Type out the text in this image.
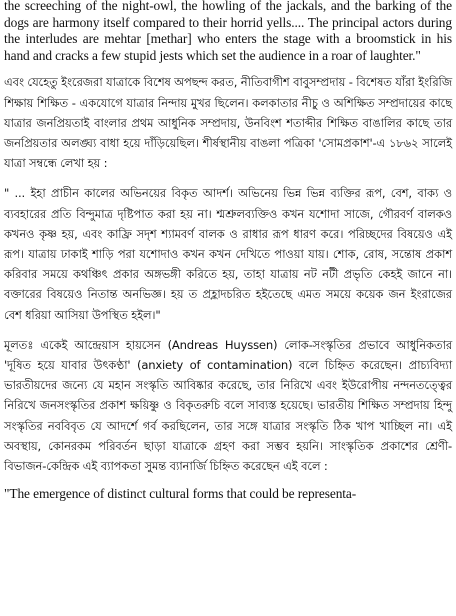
the screeching of the night-owl, the howling of the jackals, and the barking of the dogs are harmony itself compared to their horrid yells.... The principal actors during the interludes are mehtar [methar] who enters the stage with a broomstick in his hand and cracks a few stupid jests which set the audience in a roar of laughter."

এবং যেহেতু ইংরেজরা যাত্রাকে বিশেষ অপছন্দ করত, নীতিবাগীশ বাবুসম্প্রদায় - বিশেষত যাঁরা ইংরিজি শিক্ষায় শিক্ষিত - একযোগে যাত্রার নিন্দায় মুখর ছিলেন। কলকাতার নীচু ও অশিক্ষিত সম্প্রদায়ের কাছে যাত্রার জনপ্রিয়তাই বাংলার প্রথম আধুনিক সম্প্রদায়, উনবিংশ শতাব্দীর শিক্ষিত বাঙালির কাছে তার জনপ্রিয়তার অলঙ্ঘ্য বাধা হয়ে দাঁড়িয়েছিল। শীর্ষস্থানীয় বাঙলা পত্রিকা 'সোমপ্রকাশ'-এ ১৮৬২ সালেই যাত্রা সম্বন্ধে লেখা হয় :

" ... ইহা প্রাচীন কালের অভিনয়ের বিকৃত আদর্শ। অভিনেয় ভিন্ন ভিন্ন ব্যক্তির রূপ, বেশ, বাক্য ও ব্যবহারের প্রতি বিন্দুমাত্র দৃষ্টিপাত করা হয় না। শ্মশ্রুলব্যক্তিও কখন যশোদা সাজে, গৌরবর্ণ বালকও কখনও কৃষ্ণ হয়, এবং কাফ্রি সদৃশ শ্যামবর্ণ বালক ও রাধার রূপ ধারণ করে। পরিচ্ছদের বিষয়েও এই রূপ। যাত্রায় ঢাকাই শাড়ি পরা যশোদাও কখন কখন দেখিতে পাওয়া যায়। শোক, রোষ, সন্তোষ প্রকাশ করিবার সময়ে কথঞ্চিৎ প্রকার অঙ্গভঙ্গী করিতে হয়, তাহা যাত্রায় নট নটী প্রভৃতি কেহই জানে না। বক্তারের বিষয়েও নিতান্ত অনভিজ্ঞ। হয় ত প্রহ্লাদচরিত হইতেছে এমত সময়ে কয়েক জন ইংরাজের বেশ ধরিয়া আসিয়া উপস্থিত হইল।"

মূলতঃ একেই আন্দ্রেয়াস হায়সেন (Andreas Huyssen) লোক-সংস্কৃতির প্রভাবে আধুনিকতার 'দূষিত হয়ে যাবার উৎকণ্ঠা' (anxiety of contamination) বলে চিহ্নিত করেছেন। প্রাচ্যবিদ্যা ভারতীয়দের জন্যে যে মহান সংস্কৃতি আবিষ্কার করেছে, তার নিরিখে এবং ইউরোপীয় নন্দনতত্ত্বের নিরিখে জনসংস্কৃতির প্রকাশ ক্ষয়িষ্ণু ও বিকৃতরুচি বলে সাব্যস্ত হয়েছে। ভারতীয় শিক্ষিত সম্প্রদায় হিন্দু সংস্কৃতির নববিবৃত যে আদর্শে গর্ব করছিলেন, তার সঙ্গে যাত্রার সংস্কৃতি ঠিক খাপ খাচ্ছিল না। এই অবস্থায়, কোনরকম পরিবর্তন ছাড়া যাত্রাকে গ্রহণ করা সম্ভব হয়নি। সাংস্কৃতিক প্রকাশের শ্রেণী-বিভাজন-কেন্দ্রিক এই ব্যাপকতা সুমন্ত ব্যানার্জি চিহ্নিত করেছেন এই বলে :

"The emergence of distinct cultural forms that could be representa-
